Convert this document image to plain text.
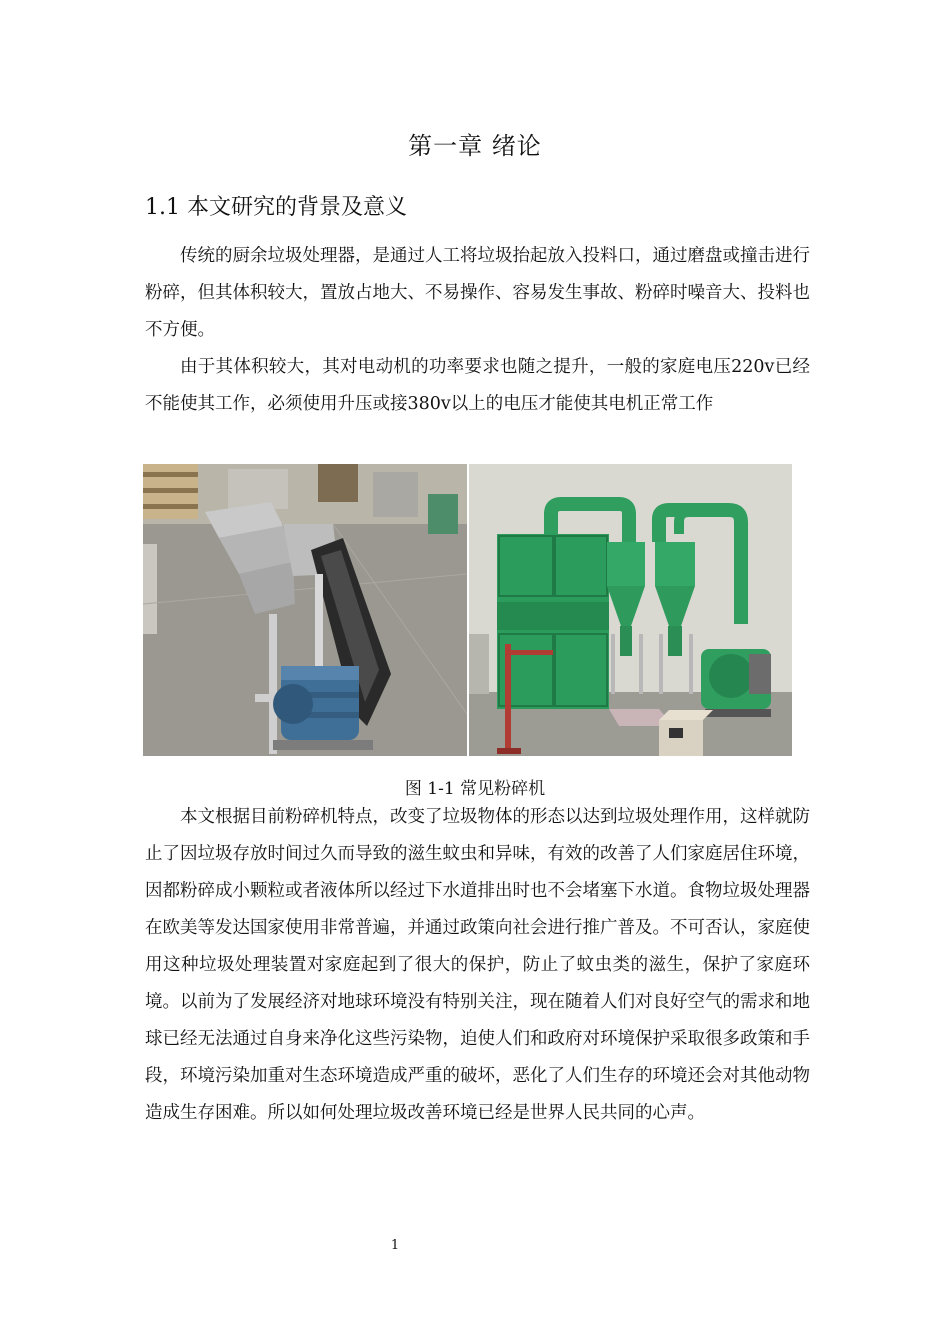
第一章 绪论
1.1 本文研究的背景及意义

传统的厨余垃圾处理器，是通过人工将垃圾抬起放入投料口，通过磨盘或撞击进行粉碎，但其体积较大，置放占地大、不易操作、容易发生事故、粉碎时噪音大、投料也不方便。

由于其体积较大，其对电动机的功率要求也随之提升，一般的家庭电压220v已经不能使其工作，必须使用升压或接380v以上的电压才能使其电机正常工作

图 1-1 常见粉碎机

本文根据目前粉碎机特点，改变了垃圾物体的形态以达到垃圾处理作用，这样就防止了因垃圾存放时间过久而导致的滋生蚊虫和异味，有效的改善了人们家庭居住环境，因都粉碎成小颗粒或者液体所以经过下水道排出时也不会堵塞下水道。食物垃圾处理器在欧美等发达国家使用非常普遍，并通过政策向社会进行推广普及。不可否认，家庭使用这种垃圾处理装置对家庭起到了很大的保护，防止了蚊虫类的滋生，保护了家庭环境。以前为了发展经济对地球环境没有特别关注，现在随着人们对良好空气的需求和地球已经无法通过自身来净化这些污染物，迫使人们和政府对环境保护采取很多政策和手段，环境污染加重对生态环境造成严重的破坏，恶化了人们生存的环境还会对其他动物造成生存困难。所以如何处理垃圾改善环境已经是世界人民共同的心声。

1
